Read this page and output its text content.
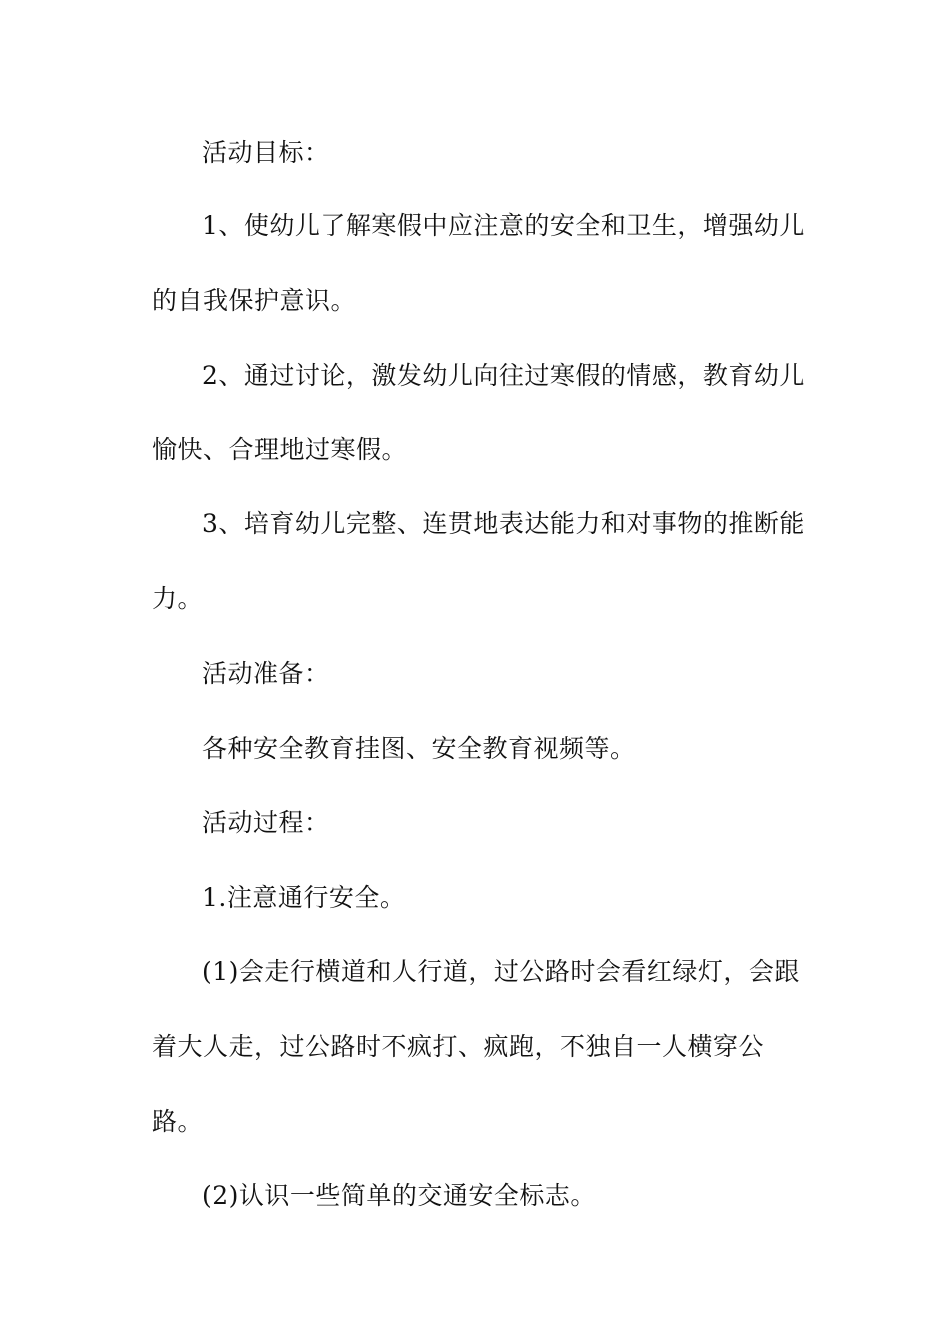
活动目标：
1、使幼儿了解寒假中应注意的安全和卫生，增强幼儿
的自我保护意识。
2、通过讨论，激发幼儿向往过寒假的情感，教育幼儿
愉快、合理地过寒假。
3、培育幼儿完整、连贯地表达能力和对事物的推断能
力。
活动准备：
各种安全教育挂图、安全教育视频等。
活动过程：
1.注意通行安全。
(1)会走行横道和人行道，过公路时会看红绿灯，会跟
着大人走，过公路时不疯打、疯跑，不独自一人横穿公
路。
(2)认识一些简单的交通安全标志。
